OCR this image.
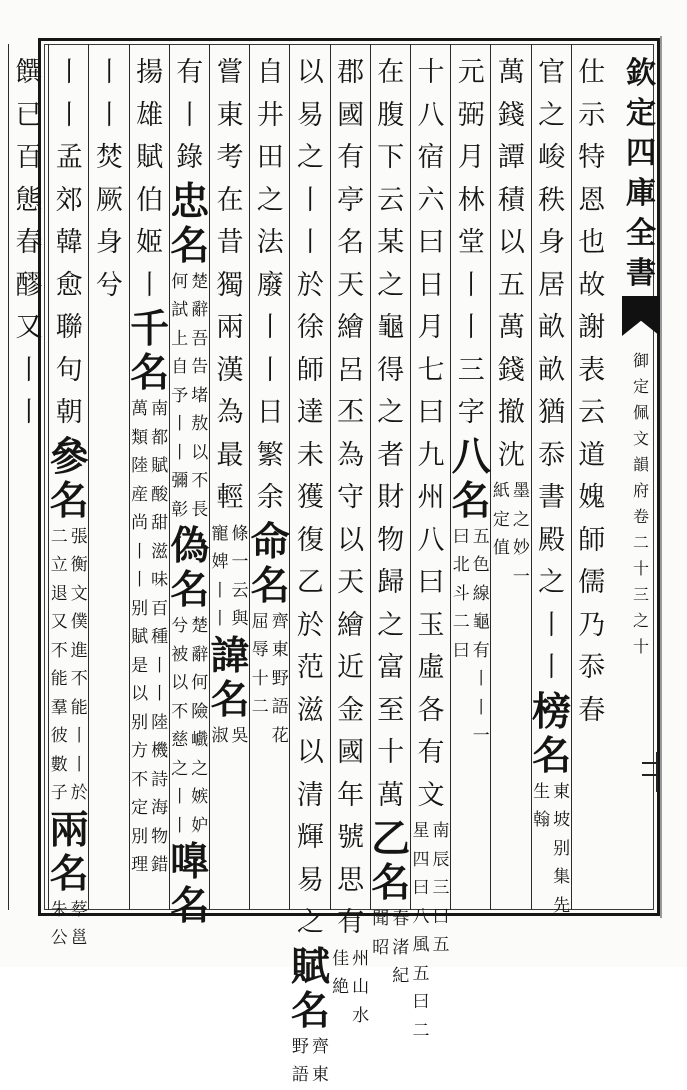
欽
定
四
庫
全
書
御
定
佩
文
韻
府
卷
二
十
三
之
十
仕
示
特
恩
也
故
謝
表
云
道
媿
師
儒
乃
忝
春
官
之
峻
秩
身
居
畝
畝
猶
忝
書
殿
之
丨
丨
榜
名
東
坡
别
集
先
生
翰
萬
錢
譚
積
以
五
萬
錢
撤
沈
墨
之
妙
一
紙
定
值
元
弼
月
林
堂
丨
丨
三
字
八
名
五
色
線
龜
有
丨
丨
一
曰
北
斗
二
曰
十
八
宿
六
曰
日
月
七
曰
九
州
八
曰
玉
虛
各
有
文
南
辰
三
曰
五
星
四
曰
八
風
五
曰
二
在
腹
下
云
某
之
龜
得
之
者
財
物
歸
之
富
至
十
萬
乙
名
春
渚
紀
聞
昭
郡
國
有
亭
名
天
繪
呂
丕
為
守
以
天
繪
近
金
國
年
號
思
有
州
山
水
佳
絶
以
易
之
丨
丨
於
徐
師
達
未
獲
復
乙
於
范
滋
以
清
輝
易
之
賦
名
齊
東
野
語
自
井
田
之
法
廢
丨
丨
日
繁
余
命
名
齊
東
野
語
花
屈
辱
十
二
嘗
東
考
在
昔
獨
兩
漢
為
最
輕
條
一
云
與
寵
婢
丨
丨
諱
名
吳
淑
有
丨
錄
忠
名
楚
辭
吾
告
堵
敖
以
不
長
何
試
上
自
予
丨
丨
彌
彰
偽
名
楚
辭
何
險
巇
之
嫉
妒
兮
被
以
不
慈
之
丨
丨
嘷
名
揚
雄
賦
伯
姬
丨
千
名
南
都
賦
酸
甜
滋
味
百
種
丨
丨
陸
機
詩
海
物
錯
萬
類
陸
産
尚
丨
丨
别
賦
是
以
别
方
不
定
別
理
丨
丨
焚
厥
身
兮
丨
丨
孟
郊
韓
愈
聯
句
朝
參
名
張
衡
文
僕
進
不
能
丨
丨
於
二
立
退
又
不
能
羣
彼
數
子
兩
名
蔡
邕
朱
公
饌
已
百
態
春
醪
又
丨
丨
